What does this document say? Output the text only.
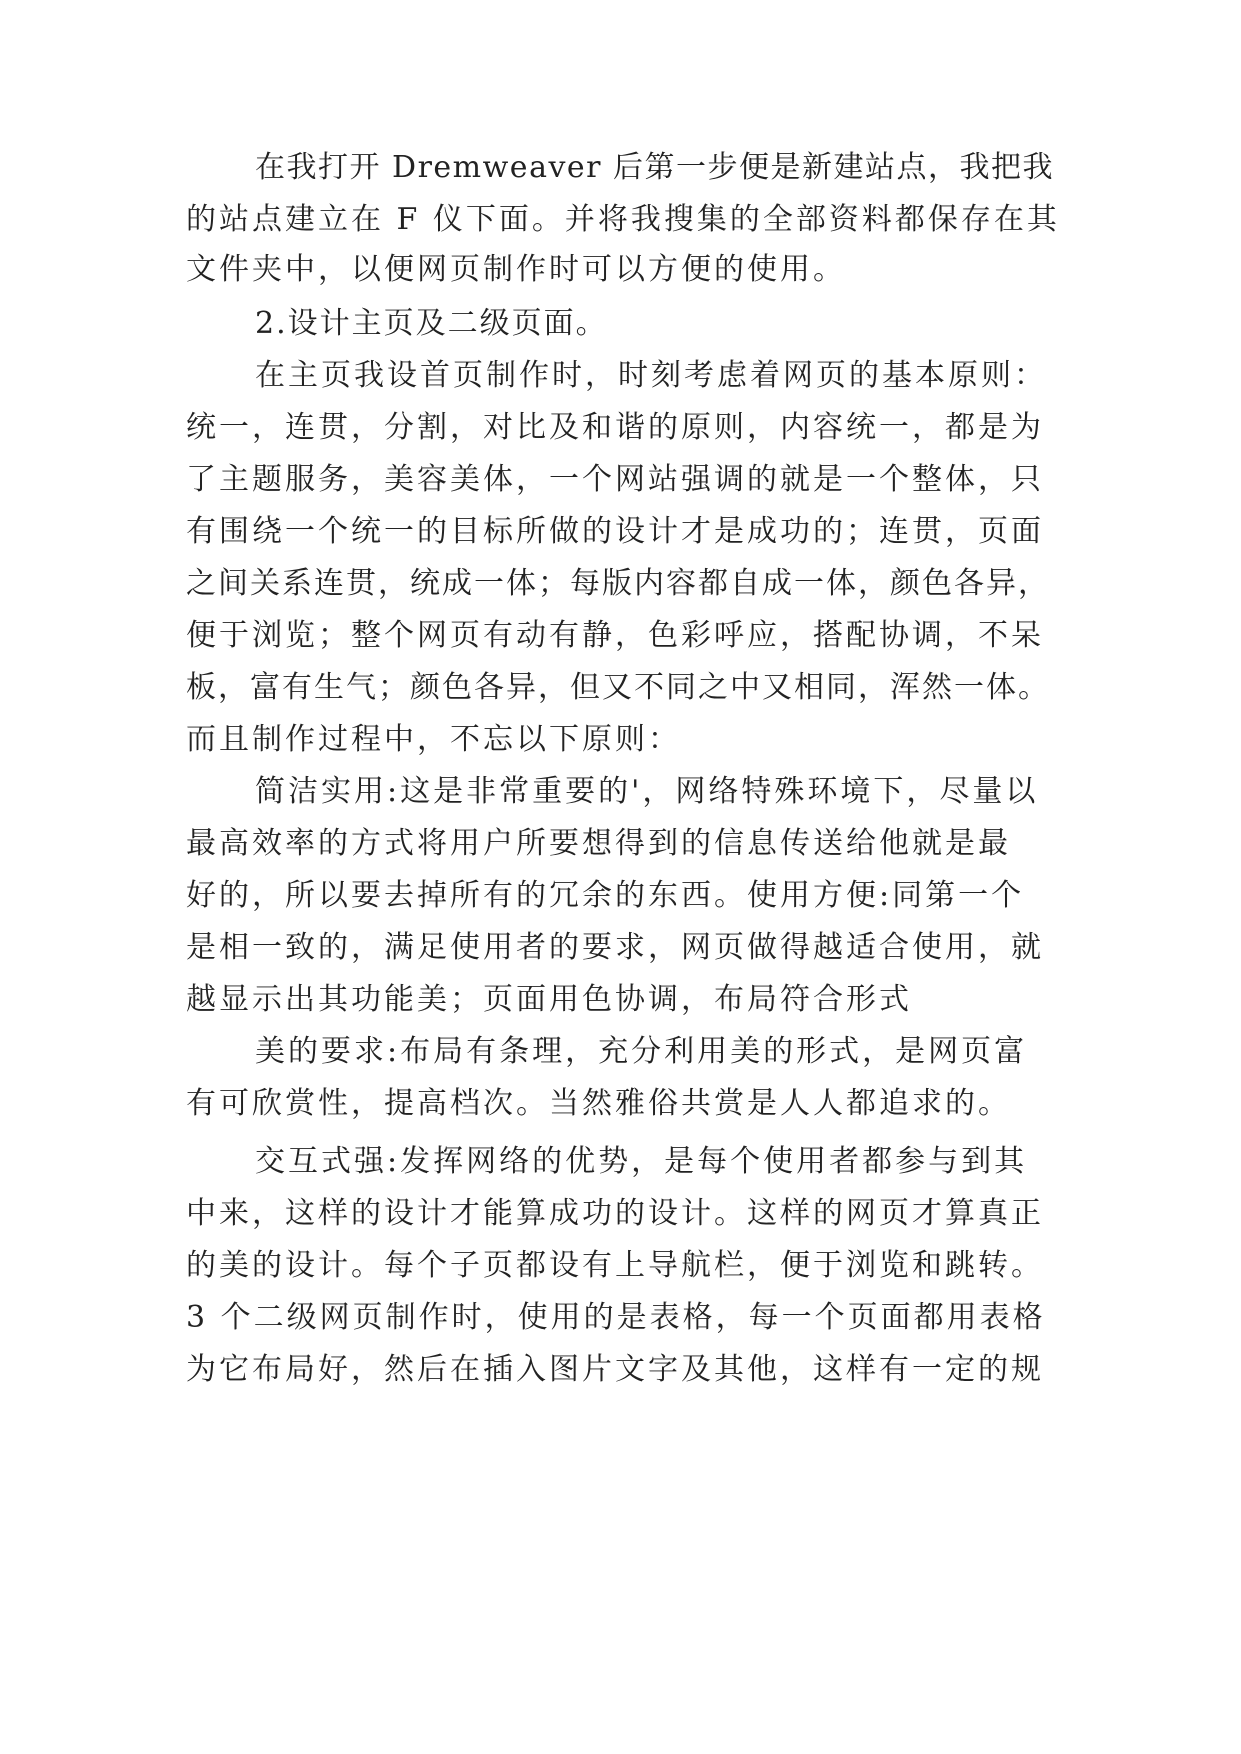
在我打开 Dremweaver 后第一步便是新建站点，我把我
的站点建立在 F 仪下面。并将我搜集的全部资料都保存在其
文件夹中，以便网页制作时可以方便的使用。
2.设计主页及二级页面。
在主页我设首页制作时，时刻考虑着网页的基本原则：
统一，连贯，分割，对比及和谐的原则，内容统一，都是为
了主题服务，美容美体，一个网站强调的就是一个整体，只
有围绕一个统一的目标所做的设计才是成功的；连贯，页面
之间关系连贯，统成一体；每版内容都自成一体，颜色各异，
便于浏览；整个网页有动有静，色彩呼应，搭配协调，不呆
板，富有生气；颜色各异，但又不同之中又相同，浑然一体。
而且制作过程中，不忘以下原则：
简洁实用:这是非常重要的'，网络特殊环境下，尽量以
最高效率的方式将用户所要想得到的信息传送给他就是最
好的，所以要去掉所有的冗余的东西。使用方便:同第一个
是相一致的，满足使用者的要求，网页做得越适合使用，就
越显示出其功能美；页面用色协调，布局符合形式
美的要求:布局有条理，充分利用美的形式，是网页富
有可欣赏性，提高档次。当然雅俗共赏是人人都追求的。
交互式强:发挥网络的优势，是每个使用者都参与到其
中来，这样的设计才能算成功的设计。这样的网页才算真正
的美的设计。每个子页都设有上导航栏，便于浏览和跳转。
3 个二级网页制作时，使用的是表格，每一个页面都用表格
为它布局好，然后在插入图片文字及其他，这样有一定的规
